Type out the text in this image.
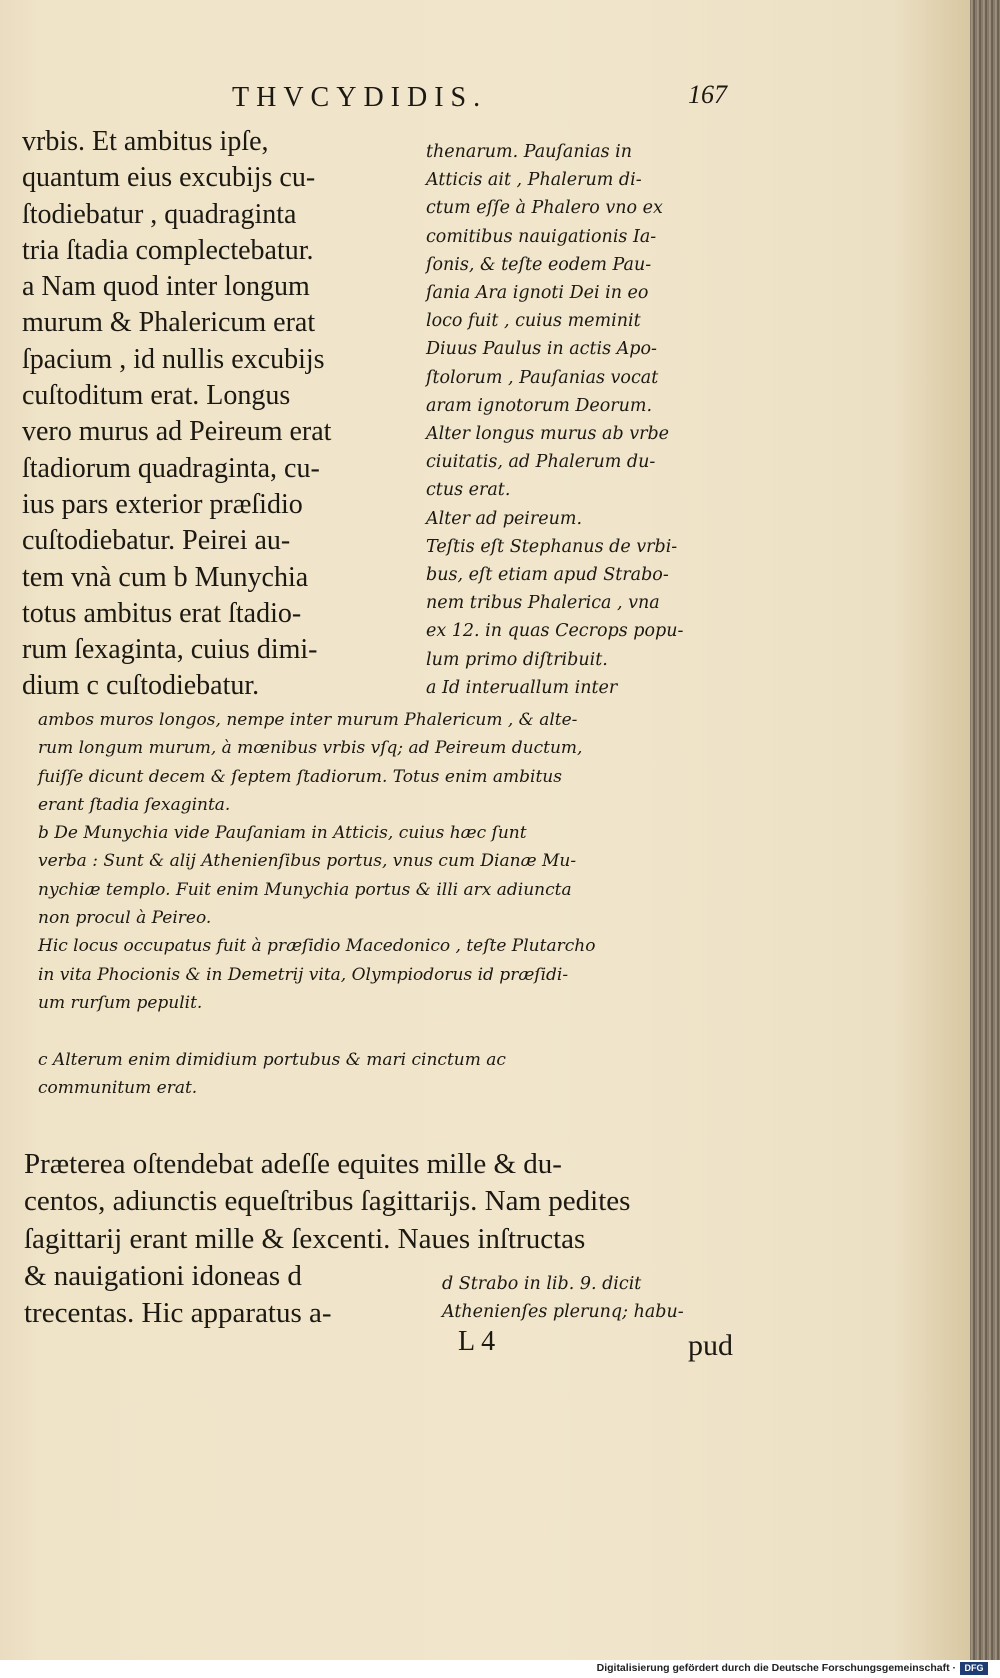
THVCYDIDIS.	167

vrbis. Et ambitus ipſe,
quantum eius excubijs cu-
ſtodiebatur , quadraginta
tria ſtadia complectebatur.
a Nam quod inter longum
murum & Phalericum erat
ſpacium , id nullis excubijs
cuſtoditum erat. Longus
vero murus ad Peireum erat
ſtadiorum quadraginta, cu-
ius pars exterior præſidio
cuſtodiebatur. Peirei au-
tem vnà cum b Munychia
totus ambitus erat ſtadio-
rum ſexaginta, cuius dimi-
dium c cuſtodiebatur.
thenarum. Pauſanias in
Atticis ait , Phalerum di-
ctum eſſe à Phalero vno ex
comitibus nauigationis Ia-
ſonis, & teſte eodem Pau-
ſania Ara ignoti Dei in eo
loco fuit , cuius meminit
Diuus Paulus in actis Apo-
ſtolorum , Pauſanias vocat
aram ignotorum Deorum.
Alter longus murus ab vrbe
ciuitatis, ad Phalerum du-
ctus erat.
Alter ad peireum.
Teſtis eſt Stephanus de vrbi-
bus, eſt etiam apud Strabo-
nem tribus Phalerica , vna
ex 12. in quas Cecrops popu-
lum primo diſtribuit.
a Id interuallum inter
ambos muros longos, nempe inter murum Phalericum , & alte-
rum longum murum, à mœnibus vrbis vſq; ad Peireum ductum,
fuiſſe dicunt decem & ſeptem ſtadiorum. Totus enim ambitus
erant ſtadia ſexaginta.
b De Munychia vide Pauſaniam in Atticis, cuius hæc ſunt
verba : Sunt & alij Athenienſibus portus, vnus cum Dianæ Mu-
nychiæ templo. Fuit enim Munychia portus & illi arx adiuncta
non procul à Peireo.
Hic locus occupatus fuit à præſidio Macedonico , teſte Plutarcho
in vita Phocionis & in Demetrij vita, Olympiodorus id præſidi-
um rurſum pepulit.

c Alterum enim dimidium portubus & mari cinctum ac
communitum erat.
Præterea oſtendebat adeſſe equites mille & du-
centos, adiunctis equeſtribus ſagittarijs. Nam pedites
ſagittarij erant mille & ſexcenti. Naues inſtructas
& nauigationi idoneas d
trecentas. Hic apparatus a-
d Strabo in lib. 9. dicit
Athenienſes plerunq; habu-

L 4	pud

Digitalisierung gefördert durch die Deutsche Forschungsgemeinschaft · DFG
